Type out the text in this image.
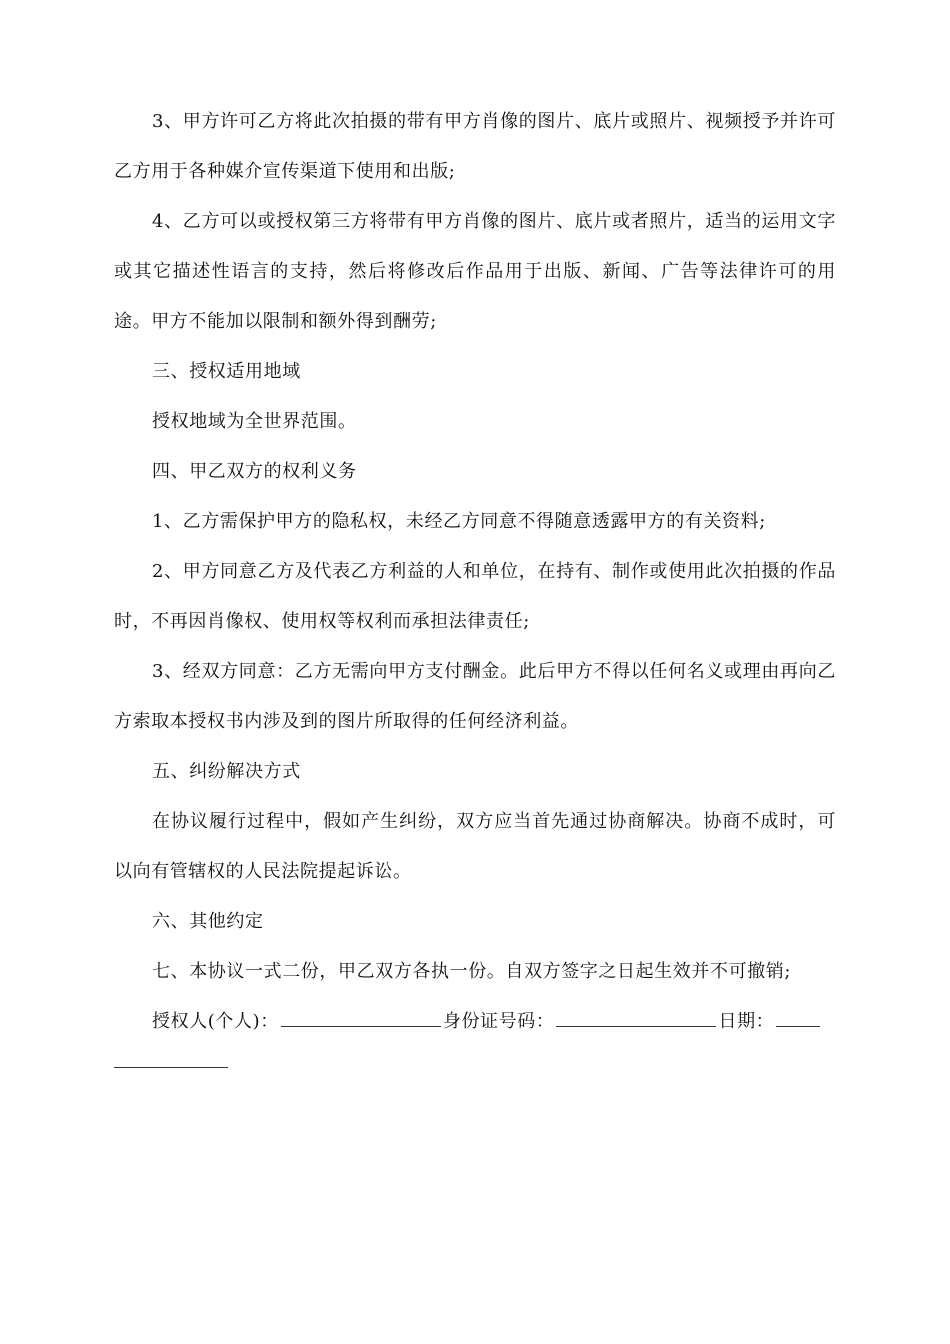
3、甲方许可乙方将此次拍摄的带有甲方肖像的图片、底片或照片、视频授予并许可乙方用于各种媒介宣传渠道下使用和出版;

4、乙方可以或授权第三方将带有甲方肖像的图片、底片或者照片，适当的运用文字或其它描述性语言的支持，然后将修改后作品用于出版、新闻、广告等法律许可的用途。甲方不能加以限制和额外得到酬劳;

三、授权适用地域

授权地域为全世界范围。

四、甲乙双方的权利义务

1、乙方需保护甲方的隐私权，未经乙方同意不得随意透露甲方的有关资料;

2、甲方同意乙方及代表乙方利益的人和单位，在持有、制作或使用此次拍摄的作品时，不再因肖像权、使用权等权利而承担法律责任;

3、经双方同意：乙方无需向甲方支付酬金。此后甲方不得以任何名义或理由再向乙方索取本授权书内涉及到的图片所取得的任何经济利益。

五、纠纷解决方式

在协议履行过程中，假如产生纠纷，双方应当首先通过协商解决。协商不成时，可以向有管辖权的人民法院提起诉讼。

六、其他约定

七、本协议一式二份，甲乙双方各执一份。自双方签字之日起生效并不可撤销;

授权人(个人)：	身份证号码：	日期：
